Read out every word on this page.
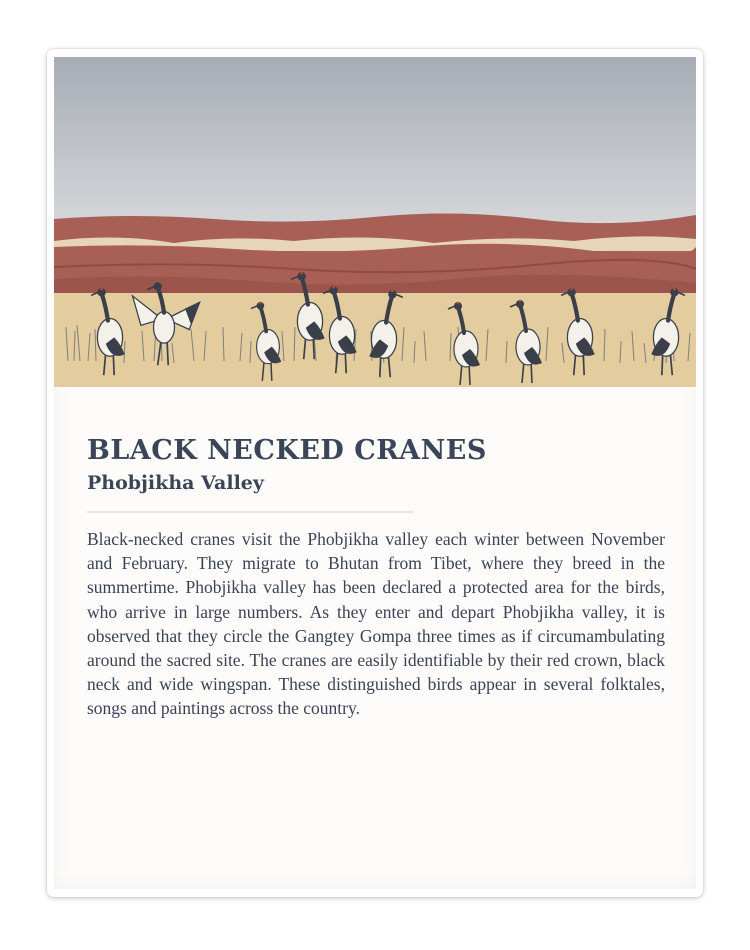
BLACK NECKED CRANES
Phobjikha Valley

Black-necked cranes visit the Phobjikha valley each winter between November and February. They migrate to Bhutan from Tibet, where they breed in the summertime. Phobjikha valley has been declared a protected area for the birds, who arrive in large numbers. As they enter and depart Phobjikha valley, it is observed that they circle the Gangtey Gompa three times as if circumambulating around the sacred site. The cranes are easily identifiable by their red crown, black neck and wide wingspan. These distinguished birds appear in several folktales, songs and paintings across the country.
